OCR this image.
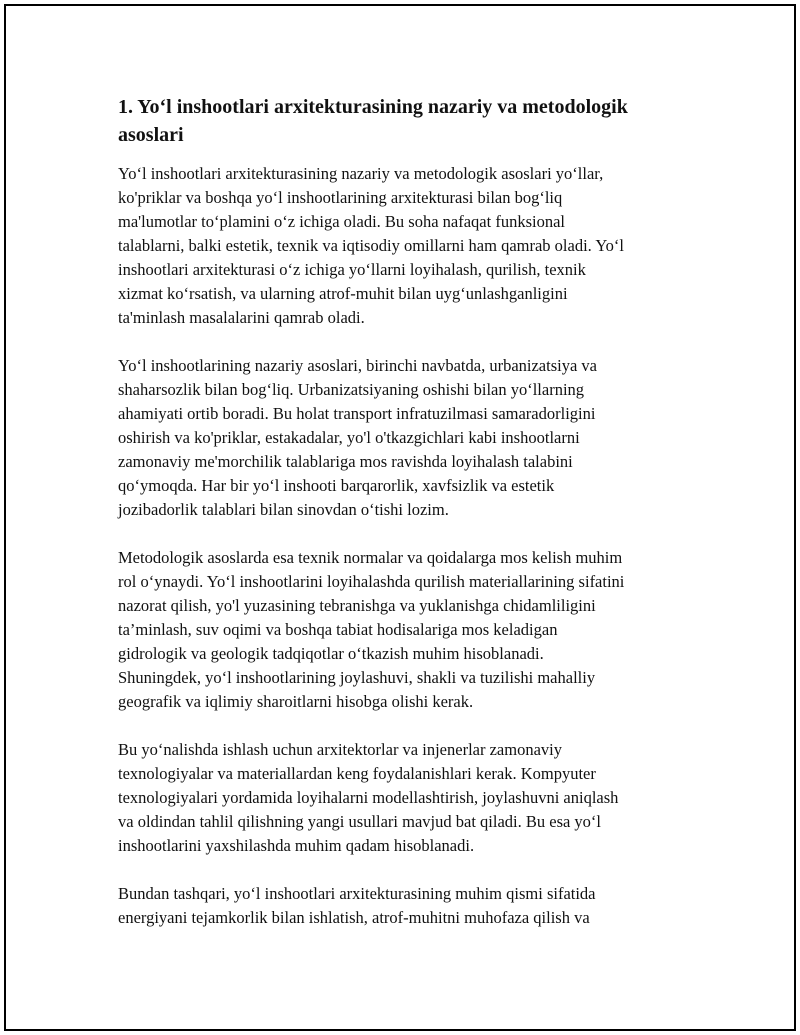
1. Yo‘l inshootlari arxitekturasining nazariy va metodologik
asoslari

Yo‘l inshootlari arxitekturasining nazariy va metodologik asoslari yo‘llar,
ko'priklar va boshqa yo‘l inshootlarining arxitekturasi bilan bog‘liq
ma'lumotlar to‘plamini o‘z ichiga oladi. Bu soha nafaqat funksional
talablarni, balki estetik, texnik va iqtisodiy omillarni ham qamrab oladi. Yo‘l
inshootlari arxitekturasi o‘z ichiga yo‘llarni loyihalash, qurilish, texnik
xizmat ko‘rsatish, va ularning atrof-muhit bilan uyg‘unlashganligini
ta'minlash masalalarini qamrab oladi.

Yo‘l inshootlarining nazariy asoslari, birinchi navbatda, urbanizatsiya va
shaharsozlik bilan bog‘liq. Urbanizatsiyaning oshishi bilan yo‘llarning
ahamiyati ortib boradi. Bu holat transport infratuzilmasi samaradorligini
oshirish va ko'priklar, estakadalar, yo'l o'tkazgichlari kabi inshootlarni
zamonaviy me'morchilik talablariga mos ravishda loyihalash talabini
qo‘ymoqda. Har bir yo‘l inshooti barqarorlik, xavfsizlik va estetik
jozibadorlik talablari bilan sinovdan o‘tishi lozim.

Metodologik asoslarda esa texnik normalar va qoidalarga mos kelish muhim
rol o‘ynaydi. Yo‘l inshootlarini loyihalashda qurilish materiallarining sifatini
nazorat qilish, yo'l yuzasining tebranishga va yuklanishga chidamliligini
ta’minlash, suv oqimi va boshqa tabiat hodisalariga mos keladigan
gidrologik va geologik tadqiqotlar o‘tkazish muhim hisoblanadi.
Shuningdek, yo‘l inshootlarining joylashuvi, shakli va tuzilishi mahalliy
geografik va iqlimiy sharoitlarni hisobga olishi kerak.

Bu yo‘nalishda ishlash uchun arxitektorlar va injenerlar zamonaviy
texnologiyalar va materiallardan keng foydalanishlari kerak. Kompyuter
texnologiyalari yordamida loyihalarni modellashtirish, joylashuvni aniqlash
va oldindan tahlil qilishning yangi usullari mavjud bat qiladi. Bu esa yo‘l
inshootlarini yaxshilashda muhim qadam hisoblanadi.

Bundan tashqari, yo‘l inshootlari arxitekturasining muhim qismi sifatida
energiyani tejamkorlik bilan ishlatish, atrof-muhitni muhofaza qilish va
